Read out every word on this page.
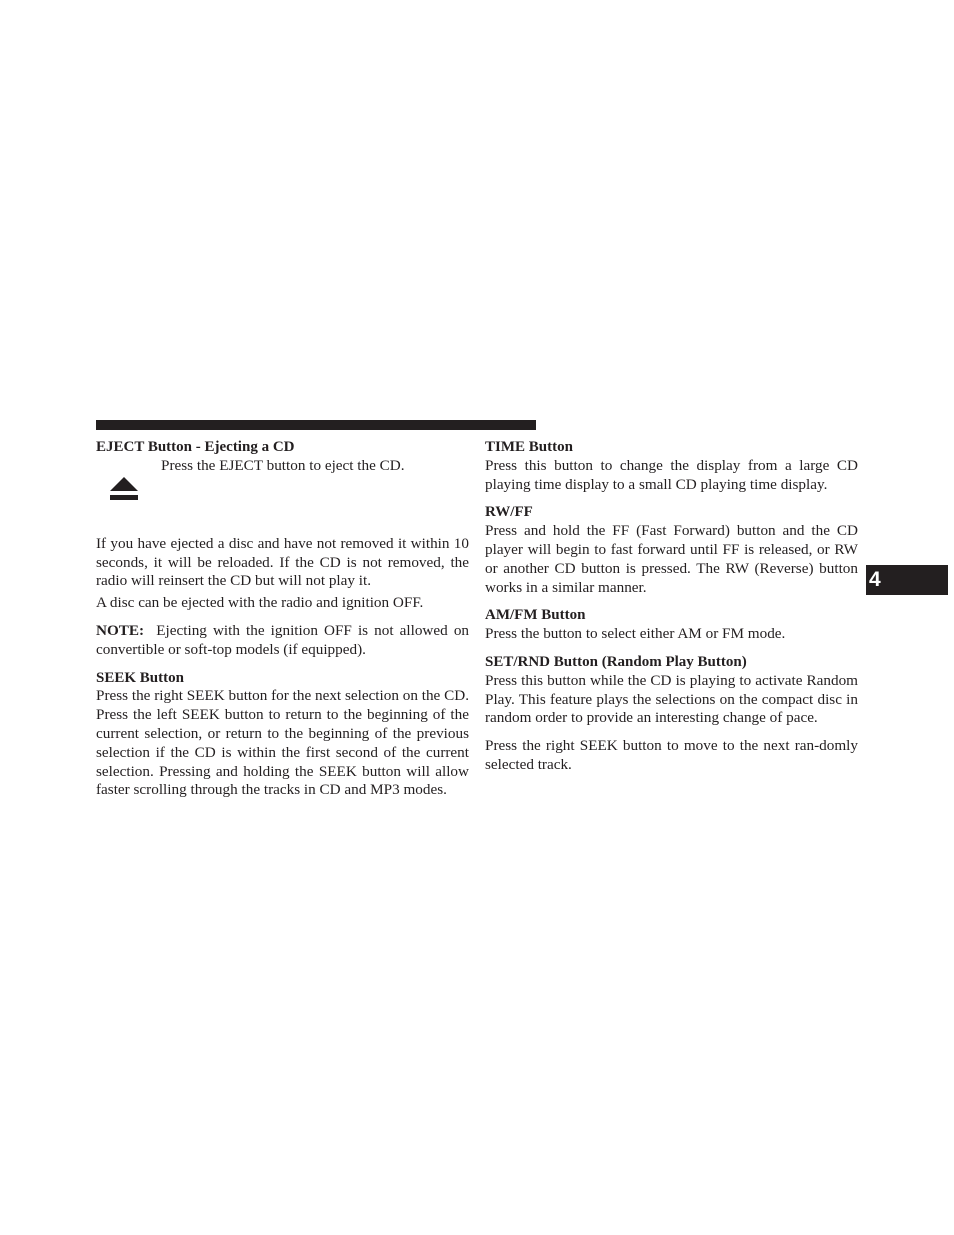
EJECT Button - Ejecting a CD

Press the EJECT button to eject the CD.

If you have ejected a disc and have not removed it within 10 seconds, it will be reloaded. If the CD is not removed, the radio will reinsert the CD but will not play it.

A disc can be ejected with the radio and ignition OFF.

NOTE: Ejecting with the ignition OFF is not allowed on convertible or soft-top models (if equipped).

SEEK Button

Press the right SEEK button for the next selection on the CD. Press the left SEEK button to return to the beginning of the current selection, or return to the beginning of the previous selection if the CD is within the first second of the current selection. Pressing and holding the SEEK button will allow faster scrolling through the tracks in CD and MP3 modes.

TIME Button

Press this button to change the display from a large CD playing time display to a small CD playing time display.

RW/FF

Press and hold the FF (Fast Forward) button and the CD player will begin to fast forward until FF is released, or RW or another CD button is pressed. The RW (Reverse) button works in a similar manner.

AM/FM Button

Press the button to select either AM or FM mode.

SET/RND Button (Random Play Button)

Press this button while the CD is playing to activate Random Play. This feature plays the selections on the compact disc in random order to provide an interesting change of pace.

Press the right SEEK button to move to the next ran-domly selected track.

4
